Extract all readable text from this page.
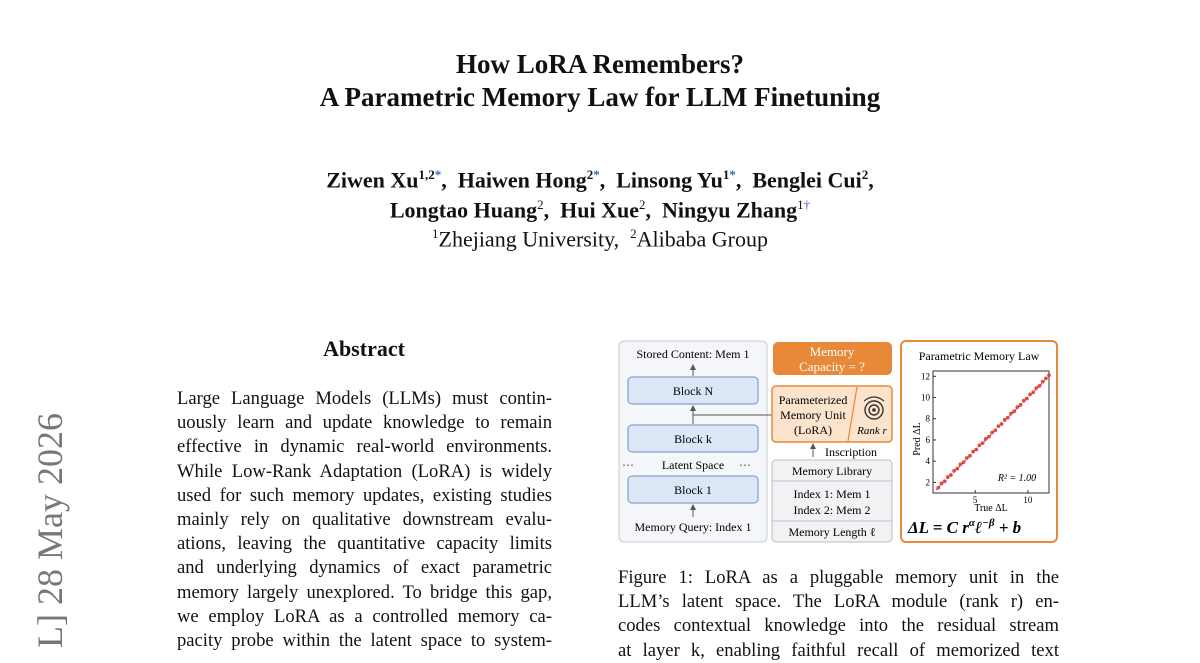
How LoRA Remembers?
A Parametric Memory Law for LLM Finetuning
Ziwen $Xu^{1,2*}$,  Haiwen Hong$^{2*}$,  Linsong $Yu^{1*}$,  Benglei Cui$^2$,
Longtao Huang$^2$,  Hui Xue$^2$,  Ningyu Zhang$^{1\dagger}$
$^1$Zhejiang University, $^2$Alibaba Group
L] 28 May 2026
Abstract
Large Language Models (LLMs) must contin-
uously learn and update knowledge to remain
effective in dynamic real-world environments.
While Low-Rank Adaptation (LoRA) is widely
used for such memory updates, existing studies
mainly rely on qualitative downstream evalu-
ations, leaving the quantitative capacity limits
and underlying dynamics of exact parametric
memory largely unexplored. To bridge this gap,
we employ LoRA as a controlled memory ca-
pacity probe within the latent space to system-
Stored Content: Mem 1
Block N
Block k
⋯ Latent Space ⋯
Block 1
Memory Query: Index 1
Memory
Capacity = ?
Parameterized
Memory Unit
(LoRA) Rank r
Inscription
Memory Library
Index 1: Mem 1
Index 2: Mem 2
Memory Length ℓ
Parametric Memory Law
Pred ΔL
True ΔL
R² = 1.00
2
4
6
8
10
12
5	10
ΔL = C $r^\alpha\ell^{-\beta} + b$
Figure 1: LoRA as a pluggable memory unit in the
LLM’s latent space. The LoRA module (rank r) en-
codes contextual knowledge into the residual stream
at layer k, enabling faithful recall of memorized text
